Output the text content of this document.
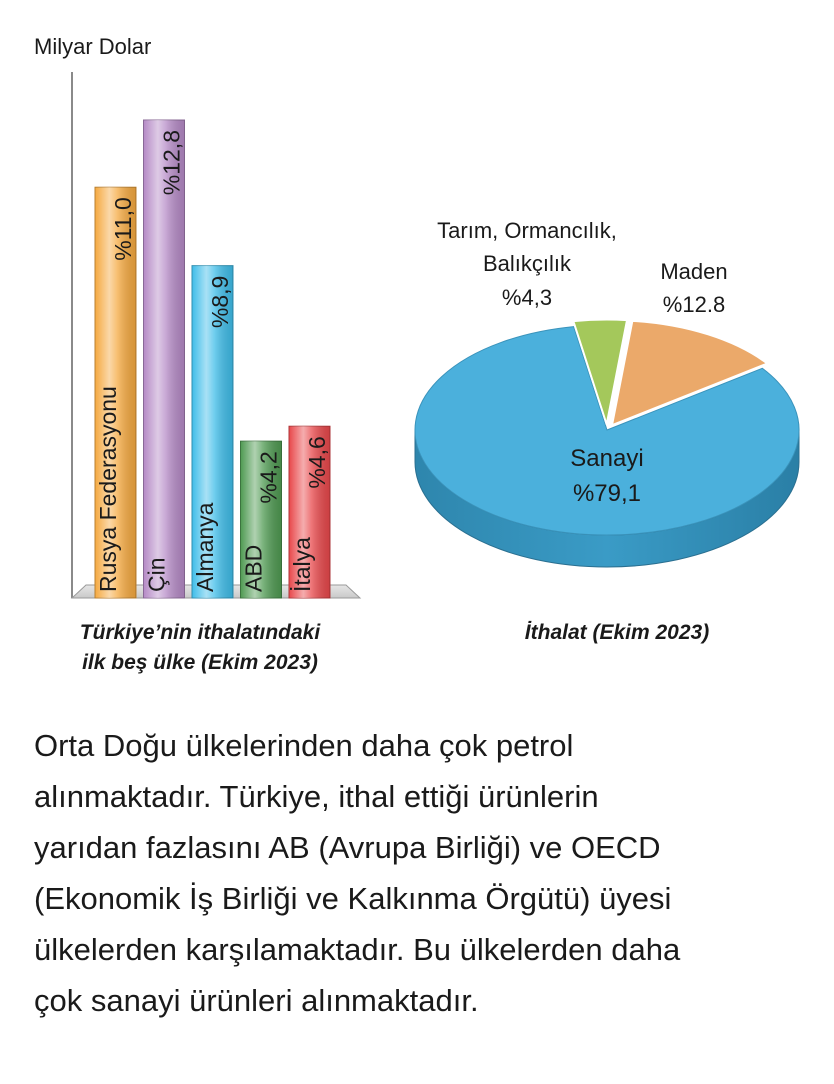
Milyar Dolar
Rusya Federasyonu
%11,0
Çin
%12,8
Almanya
%8,9
ABD
%4,2
İtalya
%4,6
Tarım, Ormancılık,
Balıkçılık
%4,3
Maden
%12.8
Sanayi
%79,1
Türkiye’nin ithalatındaki
ilk beş ülke (Ekim 2023)
İthalat (Ekim 2023)
Orta Doğu ülkelerinden daha çok petrol
alınmaktadır. Türkiye, ithal ettiği ürünlerin
yarıdan fazlasını AB (Avrupa Birliği) ve OECD
(Ekonomik İş Birliği ve Kalkınma Örgütü) üyesi
ülkelerden karşılamaktadır. Bu ülkelerden daha
çok sanayi ürünleri alınmaktadır.
